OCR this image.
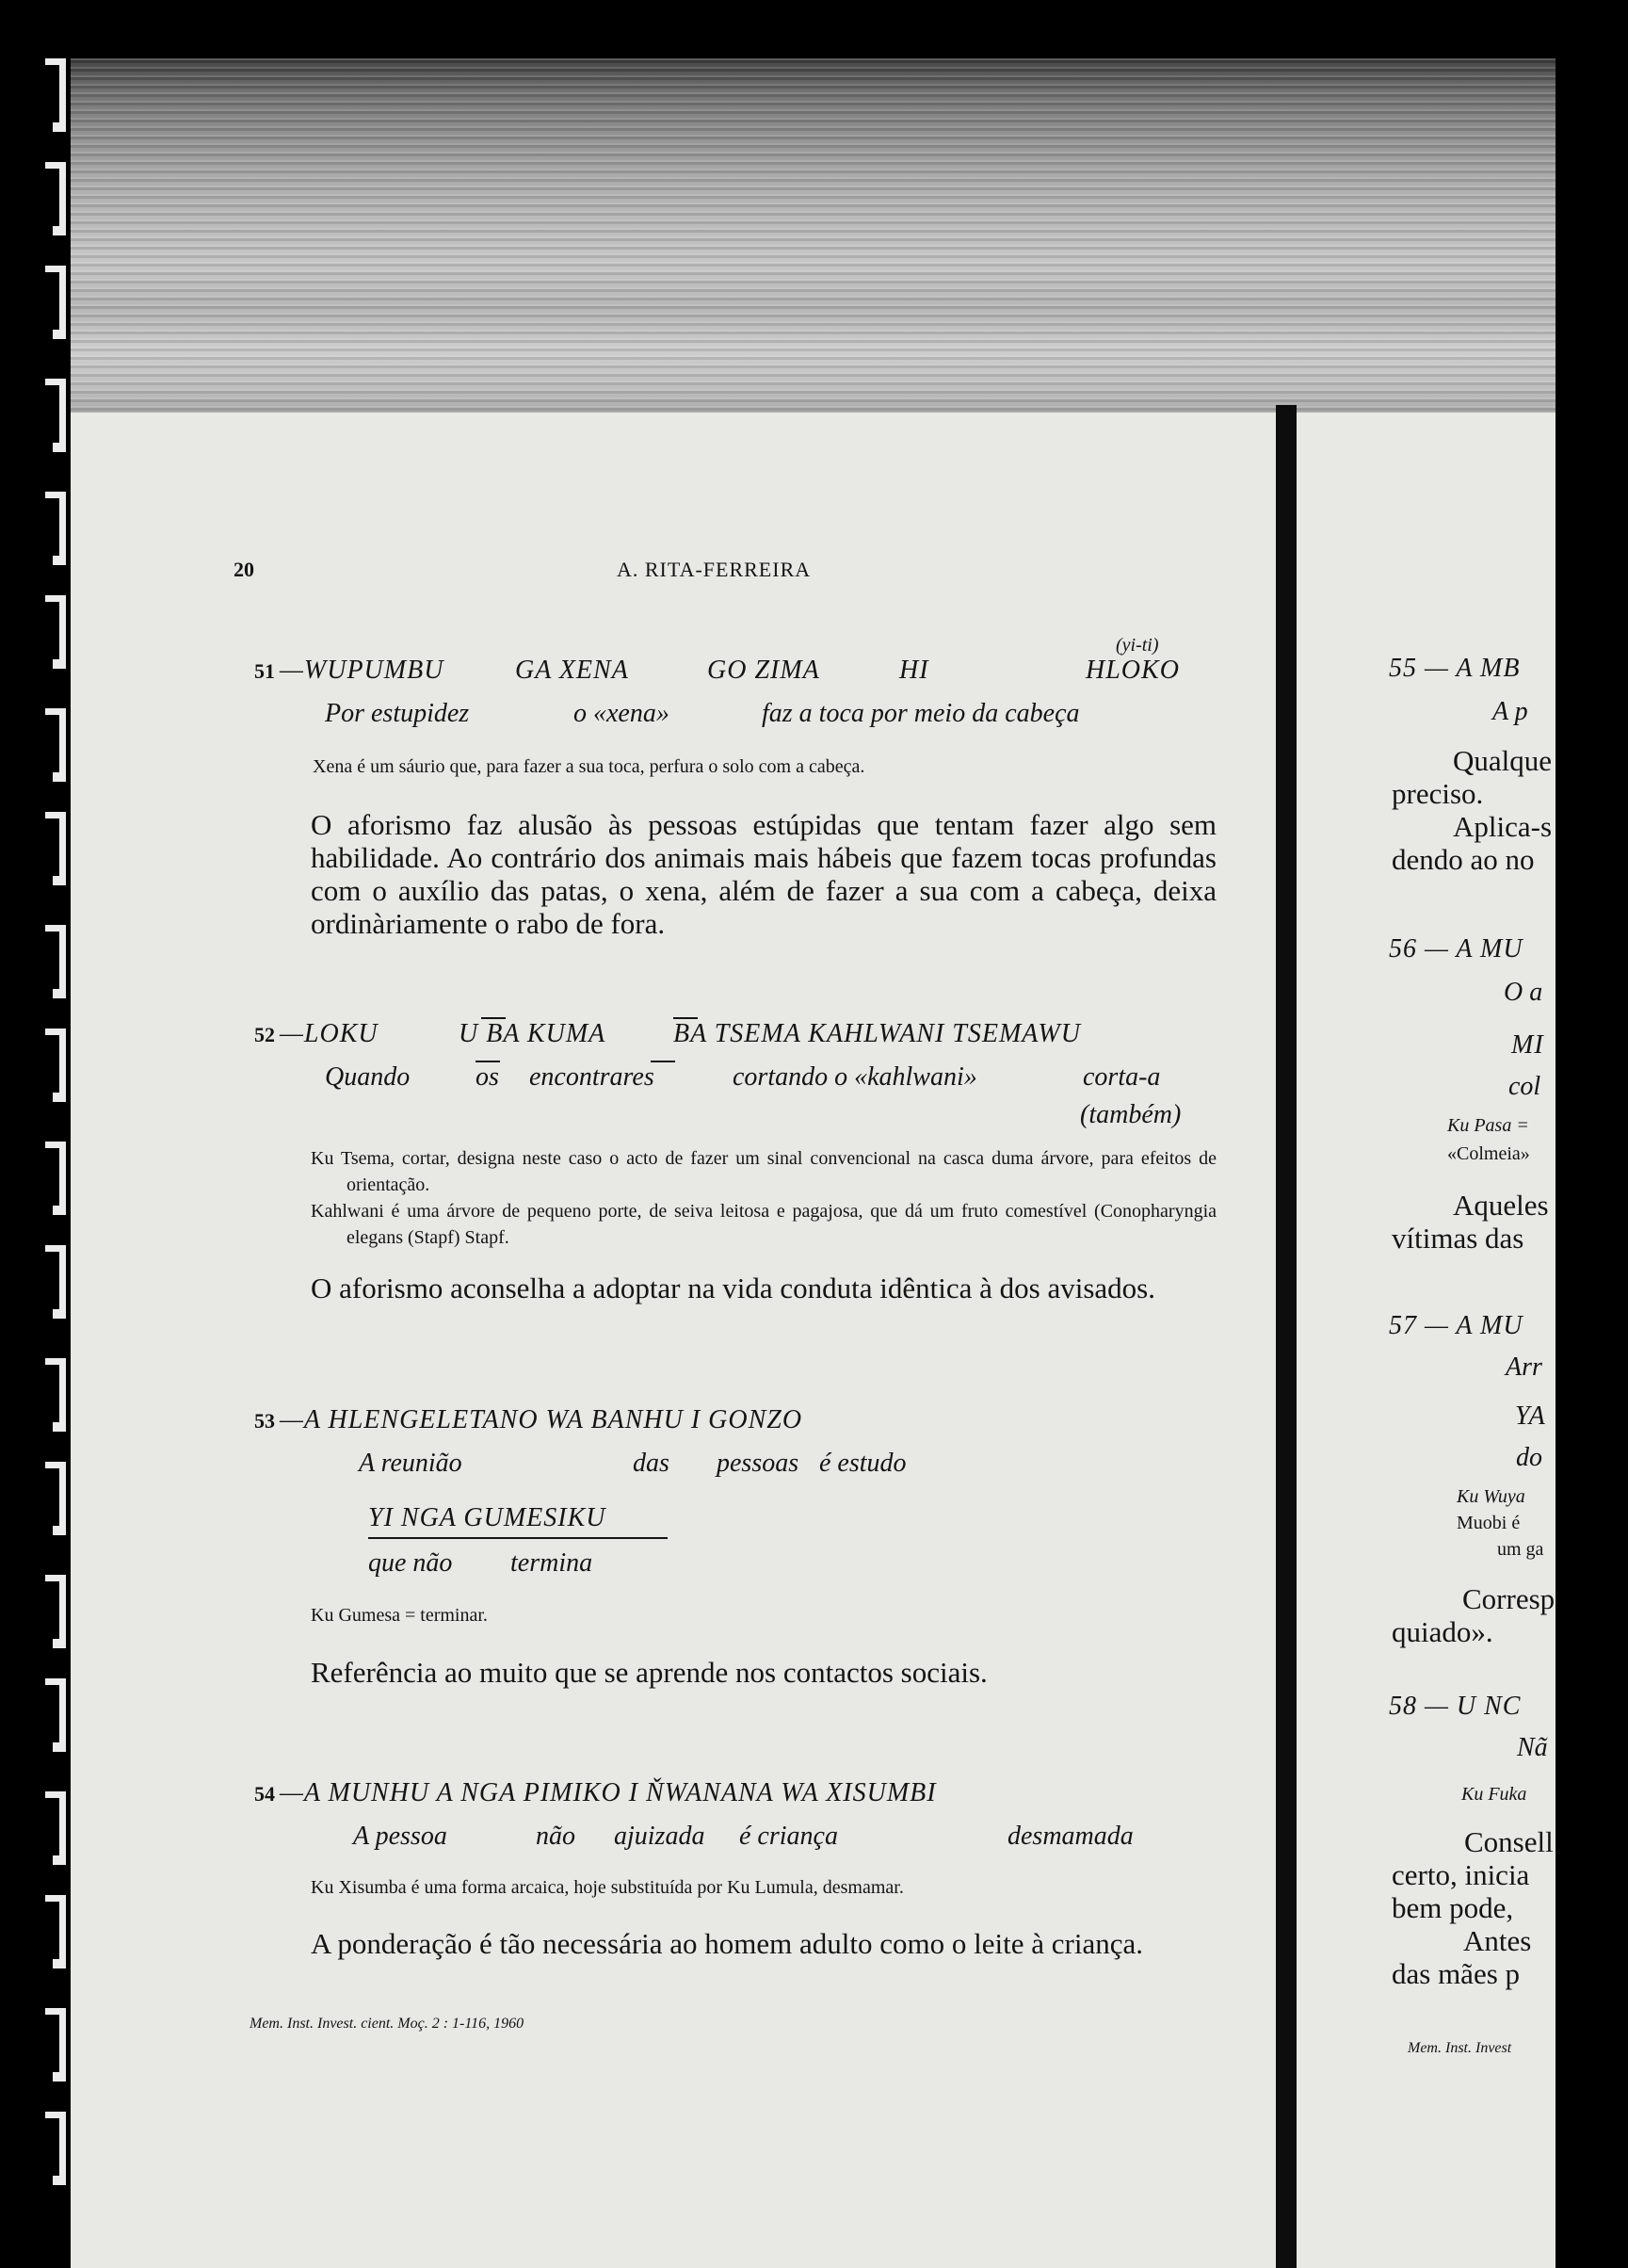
20	A. RITA-FERREIRA
(yi-ti)
51 —WUPUMBU	GA XENA	GO ZIMA	HI	HLOKO
Por estupidez	o «xena»	faz a toca por meio da cabeça
Xena é um sáurio que, para fazer a sua toca, perfura o solo com a cabeça.
O aforismo faz alusão às pessoas estúpidas que tentam fazer algo sem habilidade. Ao contrário dos animais mais hábeis que fazem tocas profundas com o auxílio das patas, o xena, além de fazer a sua com a cabeça, deixa ordinàriamente o rabo de fora.
52 —LOKU	U BA KUMA	BA TSEMA KAHLWANI TSEMAWU
Quando os encontrares	cortando o «kahlwani»	corta-a
(também)
Ku Tsema, cortar, designa neste caso o acto de fazer um sinal convencional na casca duma árvore, para efeitos de orientação.
Kahlwani é uma árvore de pequeno porte, de seiva leitosa e pagajosa, que dá um fruto comestível (Conopharyngia elegans (Stapf) Stapf.
O aforismo aconselha a adoptar na vida conduta idêntica à dos avisados.
53 —A HLENGELETANO WA BANHU I GONZO
A reunião	das pessoas é estudo
YI NGA GUMESIKU
que não termina
Ku Gumesa = terminar.
Referência ao muito que se aprende nos contactos sociais.
54 —A MUNHU A NGA PIMIKO I ŇWANANA WA XISUMBI
A pessoa	não ajuizada é criança	desmamada
Ku Xisumba é uma forma arcaica, hoje substituída por Ku Lumula, desmamar.
A ponderação é tão necessária ao homem adulto como o leite à criança.
Mem. Inst. Invest. cient. Moç. 2 : 1-116, 1960
55 — A MB
A p
Qualque
preciso.
Aplica-s
dendo ao no
56 — A MU
O a
MI
col
Ku Pasa =
«Colmeia»
Aqueles
vítimas das
57 — A MU
Arr
YA
do
Ku Wuya
Muobi é
um ga
Corresp
quiado».
58 — U NC
Nã
Ku Fuka
Consell
certo, inicia
bem pode,
Antes
das mães p
Mem. Inst. Invest
